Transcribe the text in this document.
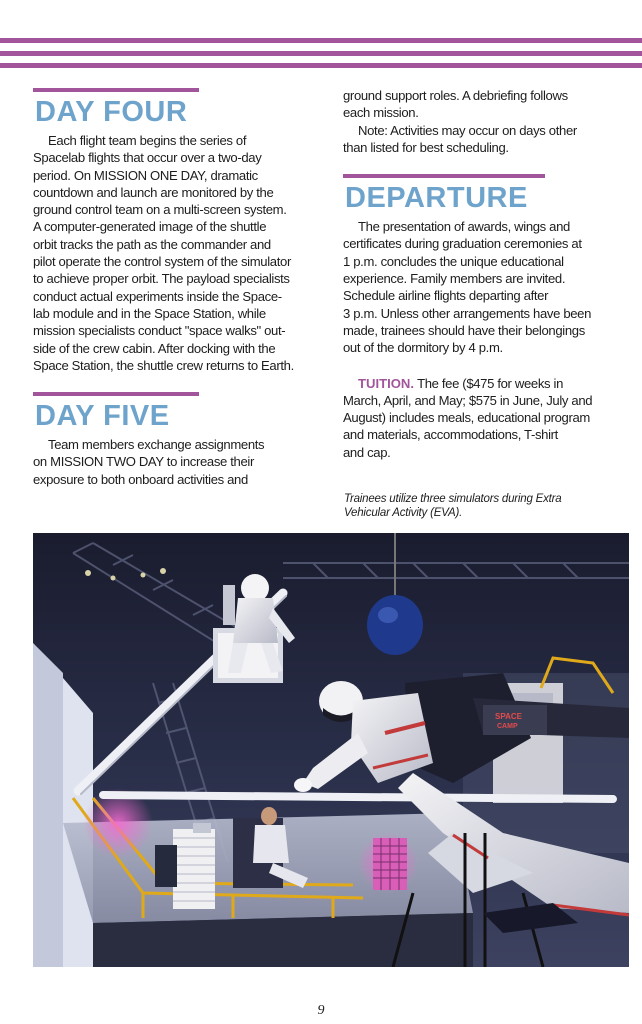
DAY FOUR

Each flight team begins the series of
Spacelab flights that occur over a two-day
period. On MISSION ONE DAY, dramatic
countdown and launch are monitored by the
ground control team on a multi-screen system.
A computer-generated image of the shuttle
orbit tracks the path as the commander and
pilot operate the control system of the simulator
to achieve proper orbit. The payload specialists
conduct actual experiments inside the Space-
lab module and in the Space Station, while
mission specialists conduct "space walks" out-
side of the crew cabin. After docking with the
Space Station, the shuttle crew returns to Earth.

DAY FIVE

Team members exchange assignments
on MISSION TWO DAY to increase their
exposure to both onboard activities and

ground support roles. A debriefing follows
each mission.

Note: Activities may occur on days other
than listed for best scheduling.

DEPARTURE

The presentation of awards, wings and
certificates during graduation ceremonies at
1 p.m. concludes the unique educational
experience. Family members are invited.
Schedule airline flights departing after
3 p.m. Unless other arrangements have been
made, trainees should have their belongings
out of the dormitory by 4 p.m.

TUITION. The fee ($475 for weeks in
March, April, and May; $575 in June, July and
August) includes meals, educational program
and materials, accommodations, T-shirt
and cap.

Trainees utilize three simulators during Extra
Vehicular Activity (EVA).
SPACE
CAMP
9
